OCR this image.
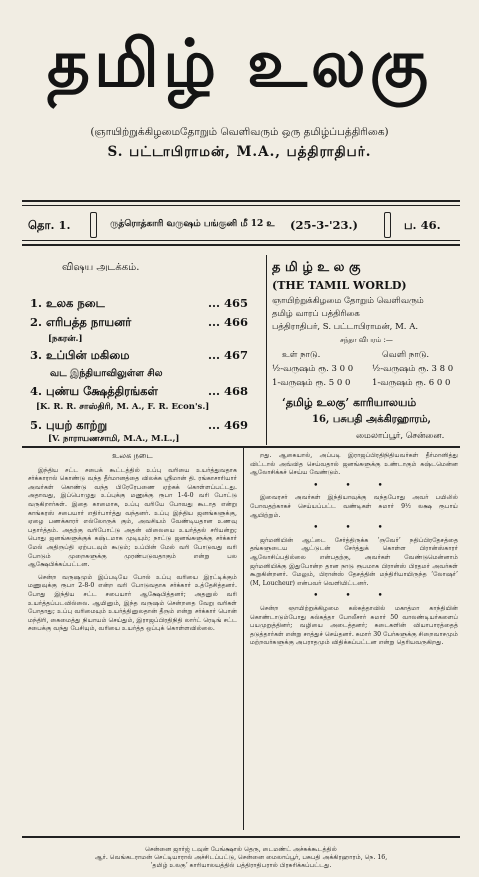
தமிழ் உலகு
(ஞாயிற்றுக்கிழமைதோறும் வெளிவரும் ஒரு தமிழ்ப்பத்திரிகை)
S. பட்டாபிராமன், M.A., பத்திராதிபர்.
தொ. 1.	ருத்ரொத்காரி வருஷம் பங்குனி மீ 12 உ (25-3-'23.)	ப. 46.
விஷய அடக்கம்.
1. உலக நடை	... 465
2. எரிபத்த நாயனர்	... 466
[நகரன்.]
3. உப்பின் மகிமை	... 467
வட இந்தியாவிலுள்ள சில
4. புண்ய க்ஷேத்திரங்கள்	... 468
[K. R. R. சாஸ்திரி, M. A., F. R. Econ's.]
5. புயற் காற்று	... 469
[V. நாராயணசாமி, M.A., M.L.,]
த மி ழ் உ ல கு
(THE TAMIL WORLD)
ஞாயிற்றுக்கிழமை தோறும் வெளிவரும்
தமிழ் வாரப் பத்திரிகை
பத்திராதிபர், S. பட்டாபிராமன், M. A.
சந்தா விபரம் :—
உள் நாடு.	வெளி நாடு.
½-வருஷம் ரூ. 3 0 0	½-வருஷம் ரூ. 3 8 0
1-வருஷம் ரூ. 5 0 0	1-வருஷம் ரூ. 6 0 0
‘தமிழ் உலகு’ காரியாலயம்
16, பசுபதி அக்கிரஹாரம்,
மைலாப்பூர், சென்னை.
உலக நடை

இந்திய சட்ட சபைக் கூட்டத்தில் உப்பு வரியை உயர்த்துவதாக சர்க்காரால் கொண்டு வந்த தீர்மானத்தை விலக்க ஸ்ரீமான் தி. ரங்காசாரியார் அவர்கள் கொண்டு வந்த பிரேரேபணை ஏற்கக் கொள்ளப்பட்டது. அதாவது, இப்பொழுது உப்புக்கு மணுக்கு ரூபா 1-4-0 வரி போட்டு வருகிறார்கள். இதை காமைாக, உப்பு வரியே போவது கூடாத என்று காங்கரஸ் சபையார் எதிர்பார்த்து வந்தனர். உப்பு இந்திய ஜனங்களுக்கு, ஏழை பணக்காரர் எல்லோருக் கும், அவசியம் வேண்டியதான உணவு பதார்த்தம். அதற்கு வரிபோட்டு அதன் விலையை உயர்த்தல் சரியன்று; பொது ஜனங்களுக்குக் கஷ்டமாக முடியும்; நாட்டு ஜனங்களுக்கு சர்க்கார் மேல் அதிருப்தி ஏற்படவும் கூடும்; உப்பின் மேல் வரி போடுவது வரி போடும் முறைகளுக்கு முரண்படுவதாகும் என்று பல ஆக்ஷேபிக்கப்பட்டன.

சென்ற வருஷமும் இப்படியே போல் உப்பு வரியை இரட்டிக்கும் மணுவுக்கு ரூபா 2-8-0 என்ற வரி போடுவதாக சர்க்கார் உத்தேசித்தனர். போது இந்திய சட்ட சபையார் ஆக்ஷேபித்தனர்; அதனுல் வரி உயர்த்தப்படவில்லை. ஆயினும், இந்த வருஷம் சென்றதை வேறு வரிகள் போதாது; உப்பு வரிமையும் உயர்த்தினுலதான் தீரும் என்று சர்க்கார் பொன் மந்திரி, கைமைத்து நியாயம் செய்தும், இராஜப்பிரதிநிதி லார்ட் ரெடிங் சட்ட சபைக்கு வந்து பேசியும், வரியை உயர்த்த ஒப்புக் கொள்ளவில்லை.

றது. ஆகையால், அப்படி இராஜப்பிரதிநிதியவர்கள் தீர்மானித்து விட்டால் அவ்வித செய்வதால் ஜனங்களுக்கு உண்டாகும் கஷ்டமென்ன ஆலோசிக்கச் செய்ய வேண்டும்.

• • •

இவைரசர் அவர்கள் இந்தியாவுக்கு வந்தபோது அவர் பயிலில் போவதற்காகச் செய்யப்பட்ட வண்டிகள் சுமார் 9½ லக்ஷ ரூபாய் ஆயிற்றும்.

• • •

ஜர்மனியின் ஆட்டை சேர்த்திருக்க ‘ருவேர்’ நதிப்பிரதேசத்தை தங்களுடைய ஆட்டுடன் சேர்த்துக் கொள்ள பிரான்ஸ்காரர் ஆலோசிப்பதில்லை என்பதற்கு, அவர்கள் வேண்டுமென்னாம் ஜர்மனியிக்கு இதுபோன்ற தான நாடு ரூபமாக பிரான்ஸ் பிரதமர் அவர்கள் கூறுகின்றனர். மேலும், பிரான்ஸ் தேசத்தின் மந்திரியாயிருந்த ‘லோஷர்’ (M, Loucheur) என்பவர் வெளியிட்டனர்.

• • •

சென்ற ஞாயிற்றுக்கிழமை கல்கத்தாவில் மகாத்மா காந்தியின் கொண்டாடும்போது கல்கத்தா போலீசார் சுமார் 50 வாலண்டியர்களைப் பயமுறுத்தினர்; வழியை அடைத்தனர்; கடைகளின் வியாபாரத்தைத் தடுத்தார்கள் என்று சாத்துச் செய்தனர். சுமார் 30 பேர்களுக்கு சிறைவாசமும் மற்றவர்களுக்கு அபராதமும் விதிக்கப்பட்டன என்று தெரியவருகிறது.

சென்னை ஜார்ஜ் டவுன் பேங்க்ஷால் தெரு, டைமண்ட் அச்சுக்கூடத்தில்
ஆர். வெங்கடராமன் செட்டியாரால் அச்சிடப்பட்டு, சென்னை மைலாப்பூர், பசுபதி அக்கிரஹாரம், நெ. 16,
‘தமிழ் உலகு’ காரியாலயத்தில் பத்திராதிபரால் பிரசுரிக்கப்பட்டது.
